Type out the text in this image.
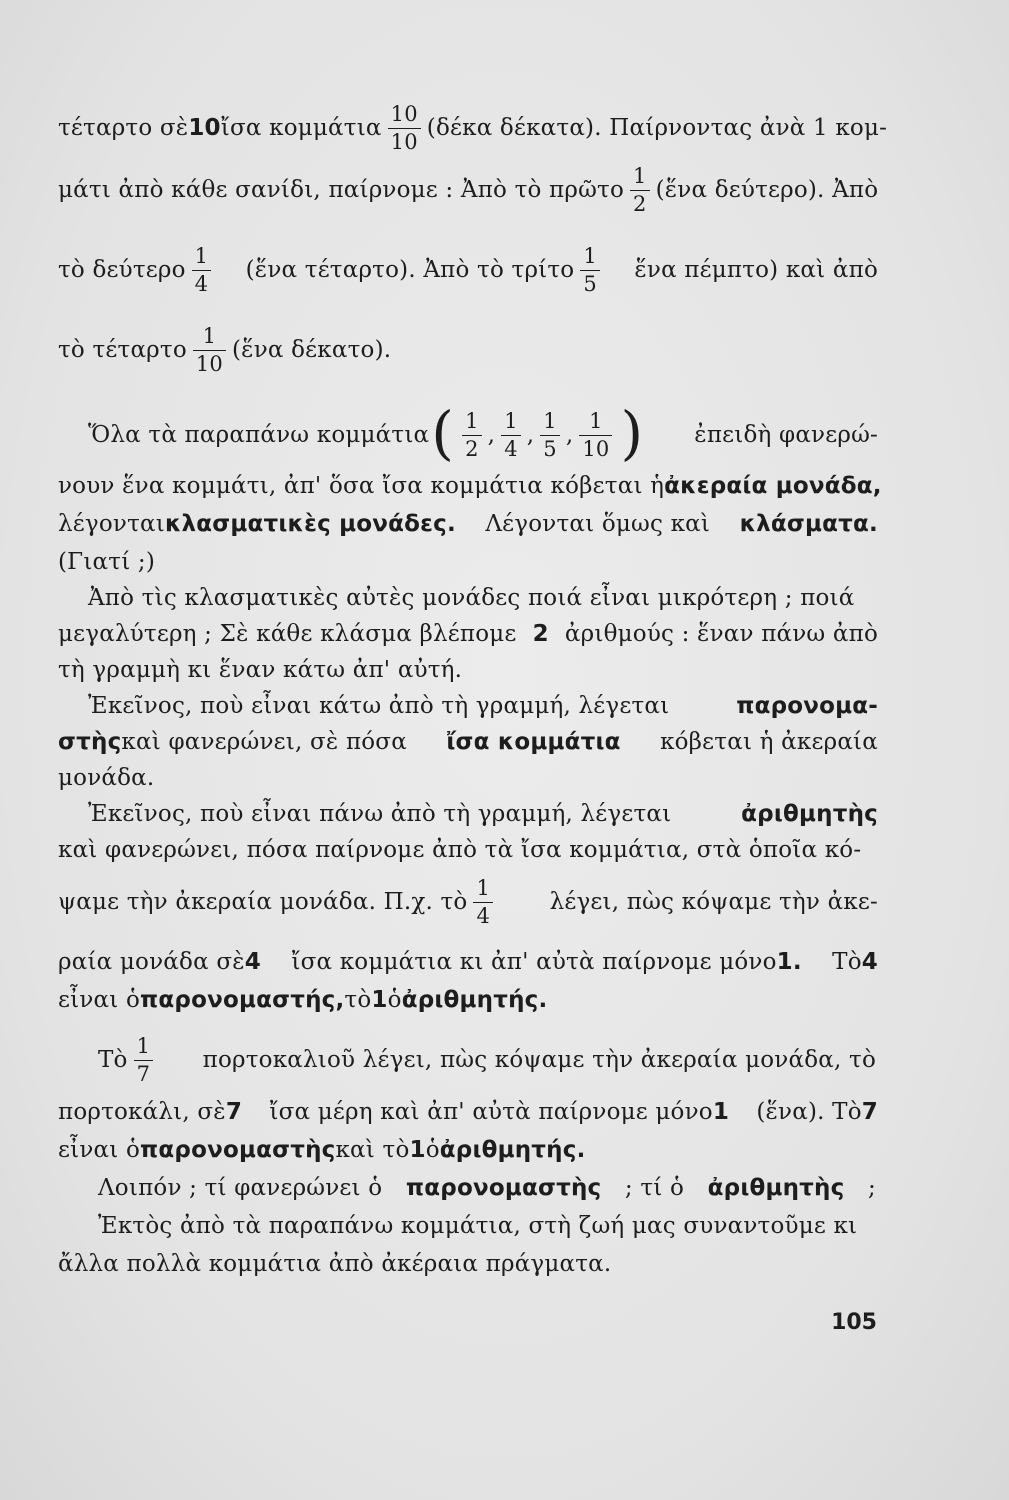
τέταρτο σὲ 10 ἴσα κομμάτια $\frac{10}{10} (\delta έ\kappa\alpha$ δέκατα). Παίρνοντας ἀνὰ 1 κομ-
μάτι ἀπὸ κάθε σανίδι, παίρνομε : Ἀπὸ τὸ πρῶτο $\frac{1}{2}$ (ἕνα δεύτερο). Ἀπὸ
τὸ δεύτερο $\frac{1}{4}$ (ἕνα τέταρτο). Ἀπὸ τὸ τρίτο $\frac{1}{5}$ ἕνα πέμπτο) καὶ ἀπὸ
τὸ τέταρτο $\frac{1}{10}$ (ἕνα δέκατο).
Ὅλα τὰ παραπάνω κομμάτια ( $\frac{1}{2}$ , $\frac{1}{4}$ , $\frac{1}{5}$ , $\frac{1}{10}$ ) ἐπειδὴ φανερώ-
νουν ἕνα κομμάτι, ἀπ' ὅσα ἴσα κομμάτια κόβεται ἡ ἀκεραία μονάδα,
λέγονται κλασματικὲς μονάδες. Λέγονται ὅμως καὶ κλάσματα.
(Γιατί ;)
Ἀπὸ τὶς κλασματικὲς αὐτὲς μονάδες ποιά εἶναι μικρότερη ; ποιά
μεγαλύτερη ; Σὲ κάθε κλάσμα βλέπομε 2 ἀριθμούς : ἕναν πάνω ἀπὸ
τὴ γραμμὴ κι ἕναν κάτω ἀπ' αὐτή.
Ἐκεῖνος, ποὺ εἶναι κάτω ἀπὸ τὴ γραμμή, λέγεται	παρονομα-
στὴς καὶ φανερώνει, σὲ πόσα ἴσα κομμάτια κόβεται ἡ ἀκεραία
μονάδα.
Ἐκεῖνος, ποὺ εἶναι πάνω ἀπὸ τὴ γραμμή, λέγεται	ἀριθμητὴς
καὶ φανερώνει, πόσα παίρνομε ἀπὸ τὰ ἴσα κομμάτια, στὰ ὁποῖα κό-
ψαμε τὴν ἀκεραία μονάδα. Π.χ. τὸ $\frac{1}{4} \lambda έ\gamma\varepsilon\iota$, πὼς κόψαμε τὴν ἀκε-
ραία μονάδα σὲ 4 ἴσα κομμάτια κι ἀπ' αὐτὰ παίρνομε μόνο 1. Τὸ 4
εἶναι ὁ παρονομαστής, τὸ 1 ὁ ἀριθμητής.
Τὸ $\frac{1}{7}$ πορτοκαλιοῦ λέγει, πὼς κόψαμε τὴν ἀκεραία μονάδα, τὸ
πορτοκάλι, σὲ 7 ἴσα μέρη καὶ ἀπ' αὐτὰ παίρνομε μόνο 1 (ἕνα). Τὸ 7
εἶναι ὁ παρονομαστὴς καὶ τὸ 1 ὁ ἀριθμητής.
Λοιπόν ; τί φανερώνει ὁ παρονομαστὴς ; τί ὁ ἀριθμητὴς ;
Ἐκτὸς ἀπὸ τὰ παραπάνω κομμάτια, στὴ ζωή μας συναντοῦμε κι
ἄλλα πολλὰ κομμάτια ἀπὸ ἀκέραια πράγματα.
105
